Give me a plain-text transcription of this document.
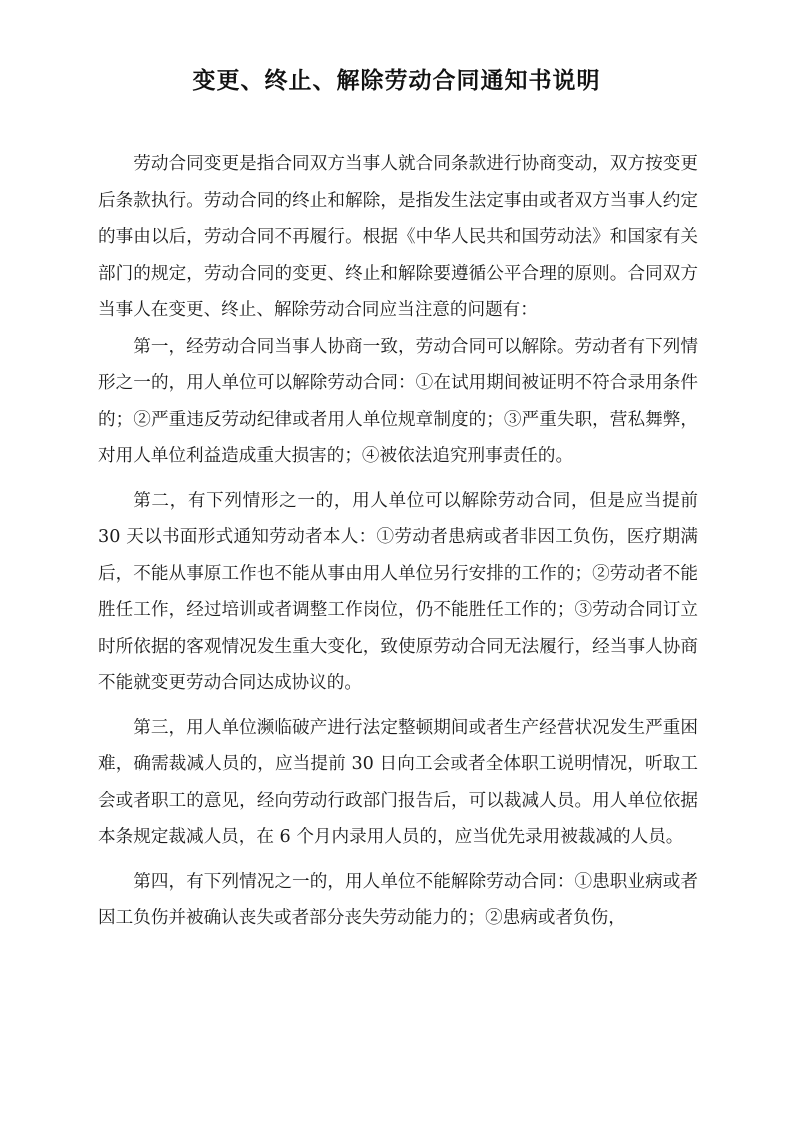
变更、终止、解除劳动合同通知书说明

劳动合同变更是指合同双方当事人就合同条款进行协商变动，双方按变更后条款执行。劳动合同的终止和解除，是指发生法定事由或者双方当事人约定的事由以后，劳动合同不再履行。根据《中华人民共和国劳动法》和国家有关部门的规定，劳动合同的变更、终止和解除要遵循公平合理的原则。合同双方当事人在变更、终止、解除劳动合同应当注意的问题有：

第一，经劳动合同当事人协商一致，劳动合同可以解除。劳动者有下列情形之一的，用人单位可以解除劳动合同：①在试用期间被证明不符合录用条件的；②严重违反劳动纪律或者用人单位规章制度的；③严重失职，营私舞弊，对用人单位利益造成重大损害的；④被依法追究刑事责任的。

第二，有下列情形之一的，用人单位可以解除劳动合同，但是应当提前 30 天以书面形式通知劳动者本人：①劳动者患病或者非因工负伤，医疗期满后，不能从事原工作也不能从事由用人单位另行安排的工作的；②劳动者不能胜任工作，经过培训或者调整工作岗位，仍不能胜任工作的；③劳动合同订立时所依据的客观情况发生重大变化，致使原劳动合同无法履行，经当事人协商不能就变更劳动合同达成协议的。

第三，用人单位濒临破产进行法定整顿期间或者生产经营状况发生严重困难，确需裁减人员的，应当提前 30 日向工会或者全体职工说明情况，听取工会或者职工的意见，经向劳动行政部门报告后，可以裁减人员。用人单位依据本条规定裁减人员，在 6 个月内录用人员的，应当优先录用被裁减的人员。

第四，有下列情况之一的，用人单位不能解除劳动合同：①患职业病或者因工负伤并被确认丧失或者部分丧失劳动能力的；②患病或者负伤，
